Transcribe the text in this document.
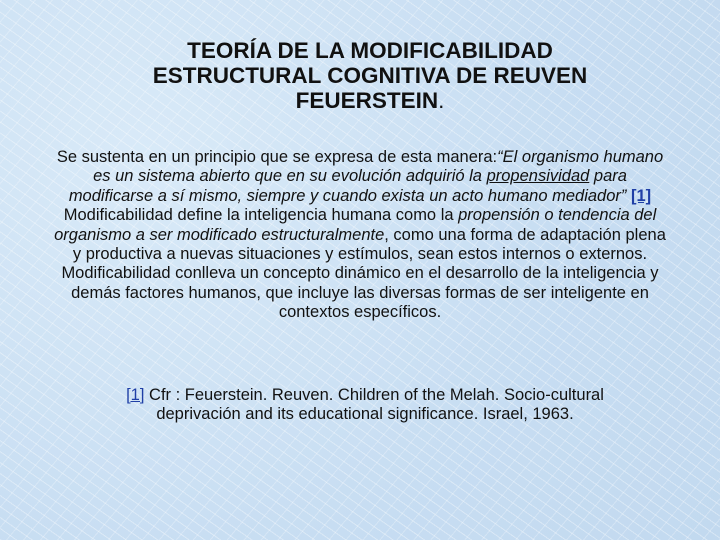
TEORÍA DE LA MODIFICABILIDAD
ESTRUCTURAL COGNITIVA DE REUVEN
FEUERSTEIN.

Se sustenta en un principio que se expresa de esta manera:“El organismo humano es un sistema abierto que en su evolución adquirió la propensividad para modificarse a sí mismo, siempre y cuando exista un acto humano mediador” [1]

Modificabilidad define la inteligencia humana como la propensión o tendencia del organismo a ser modificado estructuralmente, como una forma de adaptación plena y productiva a nuevas situaciones y estímulos, sean estos internos o externos. Modificabilidad conlleva un concepto dinámico en el desarrollo de la inteligencia y demás factores humanos, que incluye las diversas formas de ser inteligente en contextos específicos.

[1] Cfr : Feuerstein. Reuven. Children of the Melah. Socio-cultural deprivación and its educational significance. Israel, 1963.
